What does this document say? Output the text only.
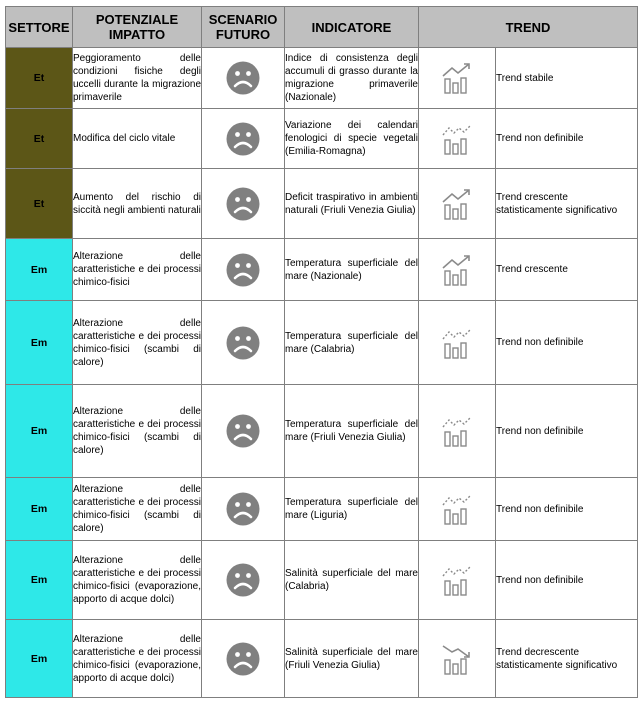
SETTORE	POTENZIALE IMPATTO	SCENARIO FUTURO	INDICATORE	TREND	
Et	Peggioramento delle condizioni fisiche degli uccelli durante la migrazione primaverile		Indice di consistenza degli accumuli di grasso durante la migrazione primaverile (Nazionale)		Trend stabile
Et	Modifica del ciclo vitale		Variazione dei calendari fenologici di specie vegetali (Emilia-Romagna)		Trend non definibile
Et	Aumento del rischio di siccità negli ambienti naturali		Deficit traspirativo in ambienti naturali (Friuli Venezia Giulia)		Trend crescente statisticamente significativo
Em	Alterazione delle caratteristiche e dei processi chimico-fisici		Temperatura superficiale del mare (Nazionale)		Trend crescente
Em	Alterazione delle caratteristiche e dei processi chimico-fisici (scambi di calore)		Temperatura superficiale del mare (Calabria)		Trend non definibile
Em	Alterazione delle caratteristiche e dei processi chimico-fisici (scambi di calore)		Temperatura superficiale del mare (Friuli Venezia Giulia)		Trend non definibile
Em	Alterazione delle caratteristiche e dei processi chimico-fisici (scambi di calore)		Temperatura superficiale del mare (Liguria)		Trend non definibile
Em	Alterazione delle caratteristiche e dei processi chimico-fisici (evaporazione, apporto di acque dolci)		Salinità superficiale del mare (Calabria)		Trend non definibile
Em	Alterazione delle caratteristiche e dei processi chimico-fisici (evaporazione, apporto di acque dolci)		Salinità superficiale del mare (Friuli Venezia Giulia)		Trend decrescente statisticamente significativo
